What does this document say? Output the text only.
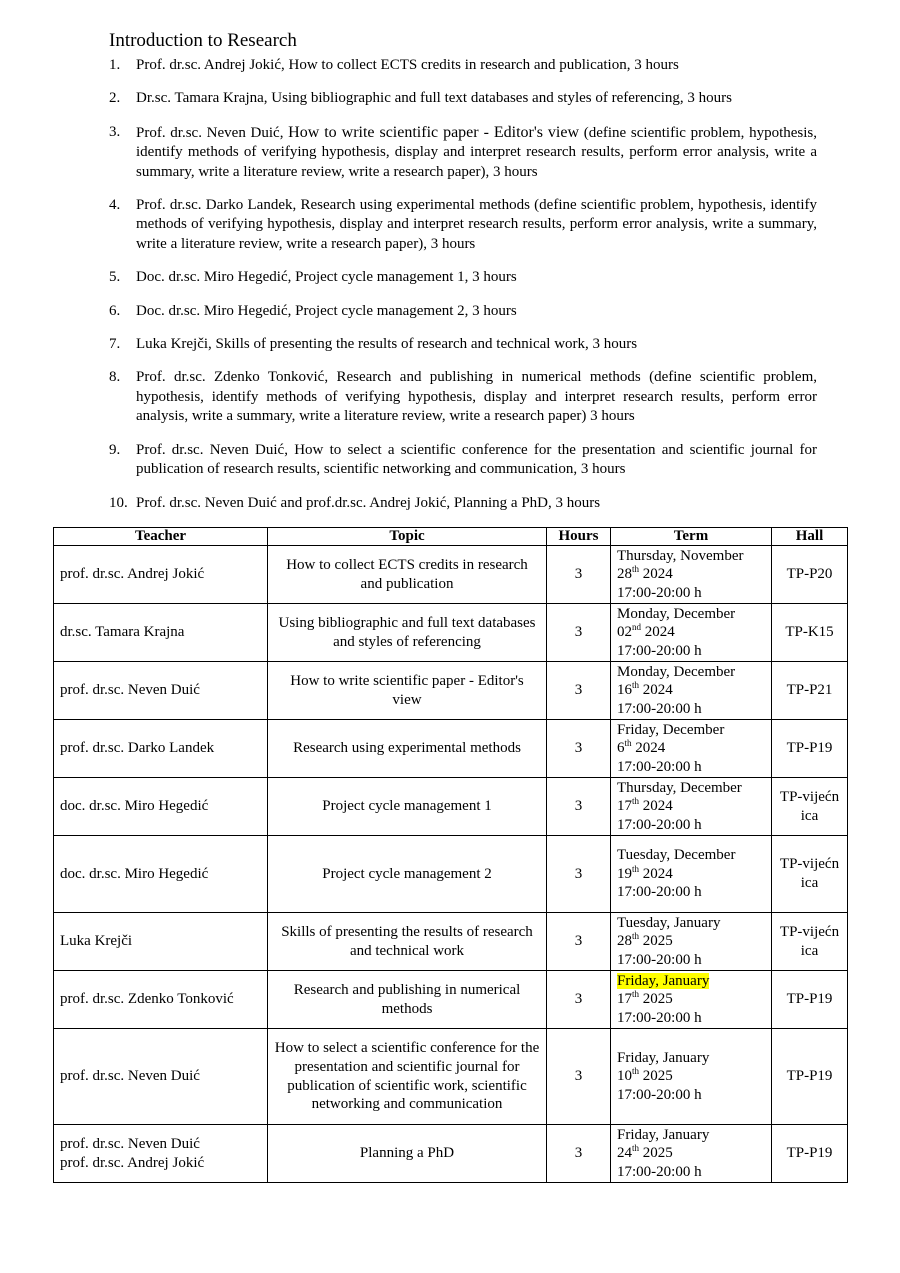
Introduction to Research
1. Prof. dr.sc. Andrej Jokić, How to collect ECTS credits in research and publication, 3 hours
2. Dr.sc. Tamara Krajna, Using bibliographic and full text databases and styles of referencing, 3 hours
3. Prof. dr.sc. Neven Duić, How to write scientific paper - Editor's view (define scientific problem, hypothesis, identify methods of verifying hypothesis, display and interpret research results, perform error analysis, write a summary, write a literature review, write a research paper), 3 hours
4. Prof. dr.sc. Darko Landek, Research using experimental methods (define scientific problem, hypothesis, identify methods of verifying hypothesis, display and interpret research results, perform error analysis, write a summary, write a literature review, write a research paper), 3 hours
5. Doc. dr.sc. Miro Hegedić, Project cycle management 1, 3 hours
6. Doc. dr.sc. Miro Hegedić, Project cycle management 2, 3 hours
7. Luka Krejči, Skills of presenting the results of research and technical work, 3 hours
8. Prof. dr.sc. Zdenko Tonković, Research and publishing in numerical methods (define scientific problem, hypothesis, identify methods of verifying hypothesis, display and interpret research results, perform error analysis, write a summary, write a literature review, write a research paper) 3 hours
9. Prof. dr.sc. Neven Duić, How to select a scientific conference for the presentation and scientific journal for publication of research results, scientific networking and communication, 3 hours
10. Prof. dr.sc. Neven Duić and prof.dr.sc. Andrej Jokić, Planning a PhD, 3 hours
Teacher	Topic	Hours	Term	Hall
prof. dr.sc. Andrej Jokić	How to collect ECTS credits in research and publication	3	Thursday, November
28th 2024
17:00-20:00 h	TP-P20
dr.sc. Tamara Krajna	Using bibliographic and full text databases and styles of referencing	3	Monday, December
02nd 2024
17:00-20:00 h	TP-K15
prof. dr.sc. Neven Duić	How to write scientific paper - Editor's view	3	Monday, December
16th 2024
17:00-20:00 h	TP-P21
prof. dr.sc. Darko Landek	Research using experimental methods	3	Friday, December
6th 2024
17:00-20:00 h	TP-P19
doc. dr.sc. Miro Hegedić	Project cycle management 1	3	Thursday, December
17th 2024
17:00-20:00 h	TP-vijećnica
doc. dr.sc. Miro Hegedić	Project cycle management 2	3	Tuesday, December
19th 2024
17:00-20:00 h	TP-vijećnica
Luka Krejči	Skills of presenting the results of research and technical work	3	Tuesday, January
28th 2025
17:00-20:00 h	TP-vijećnica
prof. dr.sc. Zdenko Tonković	Research and publishing in numerical methods	3	Friday, January
17th 2025
17:00-20:00 h	TP-P19
prof. dr.sc. Neven Duić	How to select a scientific conference for the presentation and scientific journal for publication of scientific work, scientific networking and communication	3	Friday, January
10th 2025
17:00-20:00 h	TP-P19
prof. dr.sc. Neven Duić
prof. dr.sc. Andrej Jokić	Planning a PhD	3	Friday, January
24th 2025
17:00-20:00 h	TP-P19
